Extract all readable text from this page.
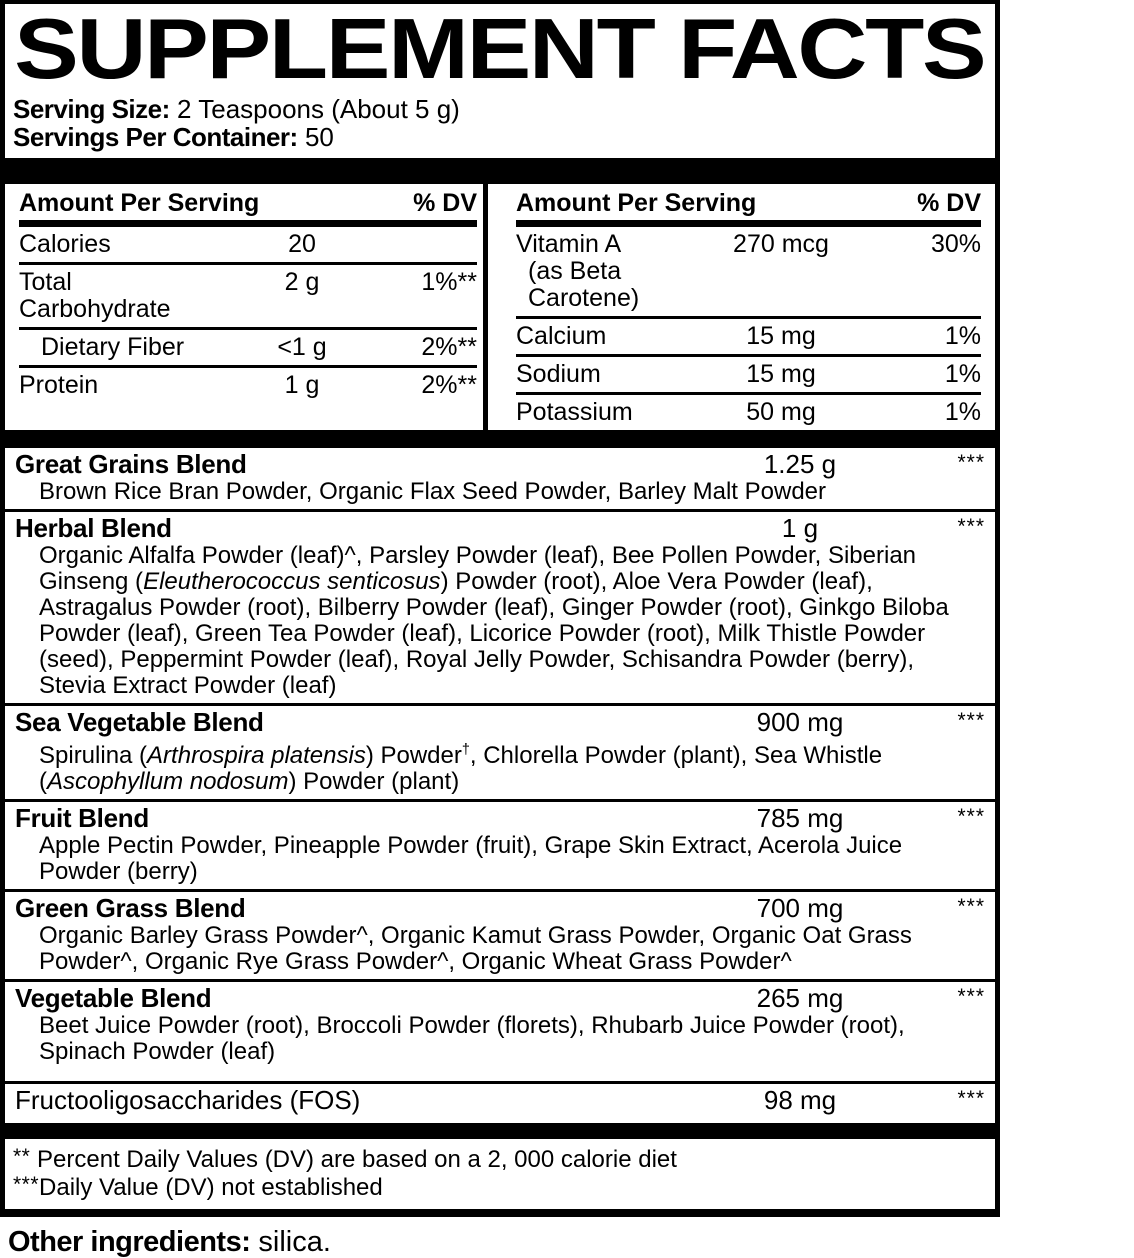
SUPPLEMENT FACTS
Serving Size: 2 Teaspoons (About 5 g)
Servings Per Container: 50
Amount Per Serving	% DV
Calories	20
Total Carbohydrate
2 g	1%**
Dietary Fiber	<1 g	2%**
Protein	1 g	2%**
Amount Per Serving	% DV
Vitamin A
(as Beta Carotene)
270 mcg	30%
Calcium	15 mg	1%
Sodium	15 mg	1%
Potassium	50 mg	1%
Great Grains Blend	1.25 g	***
Brown Rice Bran Powder, Organic Flax Seed Powder, Barley Malt Powder
Herbal Blend	1 g	***
Organic Alfalfa Powder (leaf)^, Parsley Powder (leaf), Bee Pollen Powder, Siberian Ginseng (Eleutherococcus senticosus) Powder (root), Aloe Vera Powder (leaf), Astragalus Powder (root), Bilberry Powder (leaf), Ginger Powder (root), Ginkgo Biloba Powder (leaf), Green Tea Powder (leaf), Licorice Powder (root), Milk Thistle Powder (seed), Peppermint Powder (leaf), Royal Jelly Powder, Schisandra Powder (berry), Stevia Extract Powder (leaf)
Sea Vegetable Blend	900 mg	***
Spirulina (Arthrospira platensis) Powder†, Chlorella Powder (plant), Sea Whistle (Ascophyllum nodosum) Powder (plant)
Fruit Blend	785 mg	***
Apple Pectin Powder, Pineapple Powder (fruit), Grape Skin Extract, Acerola Juice Powder (berry)
Green Grass Blend	700 mg	***
Organic Barley Grass Powder^, Organic Kamut Grass Powder, Organic Oat Grass Powder^, Organic Rye Grass Powder^, Organic Wheat Grass Powder^
Vegetable Blend	265 mg	***
Beet Juice Powder (root), Broccoli Powder (florets), Rhubarb Juice Powder (root), Spinach Powder (leaf)
Fructooligosaccharides (FOS)	98 mg	***
** Percent Daily Values (DV) are based on a 2, 000 calorie diet
***Daily Value (DV) not established
Other ingredients: silica.
